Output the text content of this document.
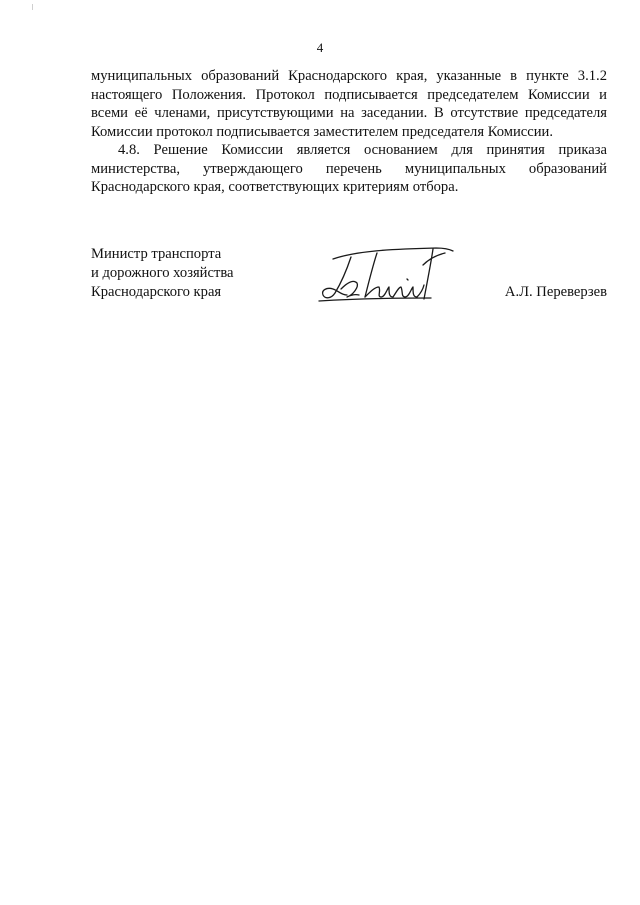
4

муниципальных образований Краснодарского края, указанные в пункте 3.1.2 настоящего Положения. Протокол подписывается председателем Комиссии и всеми её членами, присутствующими на заседании. В отсутствие председателя Комиссии протокол подписывается заместителем председателя Комиссии.

4.8. Решение Комиссии является основанием для принятия приказа министерства, утверждающего перечень муниципальных образований Краснодарского края, соответствующих критериям отбора.

Министр транспорта
и дорожного хозяйства
Краснодарского края	А.Л. Переверзев
